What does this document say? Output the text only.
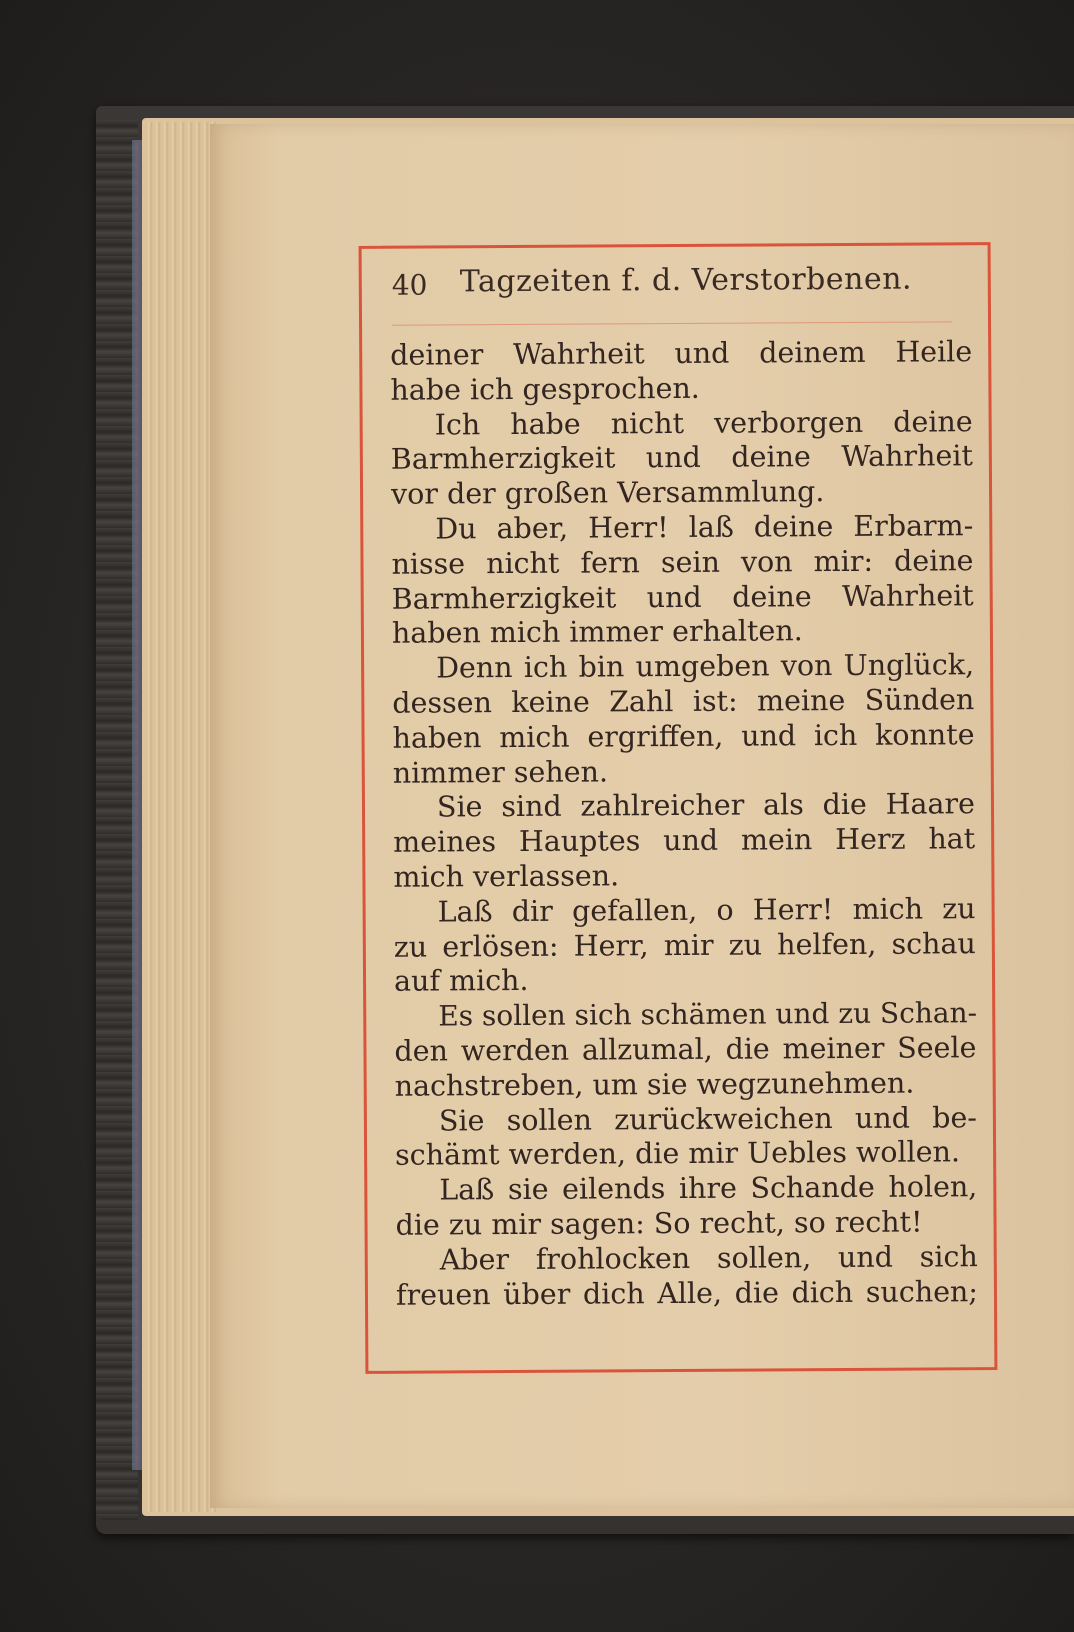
40 Tagzeiten f. d. Verstorbenen.
deiner Wahrheit und deinem Heile
habe ich gesprochen.
Ich habe nicht verborgen deine
Barmherzigkeit und deine Wahrheit
vor der großen Versammlung.
Du aber, Herr! laß deine Erbarm-
nisse nicht fern sein von mir: deine
Barmherzigkeit und deine Wahrheit
haben mich immer erhalten.
Denn ich bin umgeben von Unglück,
dessen keine Zahl ist: meine Sünden
haben mich ergriffen, und ich konnte
nimmer sehen.
Sie sind zahlreicher als die Haare
meines Hauptes und mein Herz hat
mich verlassen.
Laß dir gefallen, o Herr! mich zu
zu erlösen: Herr, mir zu helfen, schau
auf mich.
Es sollen sich schämen und zu Schan-
den werden allzumal, die meiner Seele
nachstreben, um sie wegzunehmen.
Sie sollen zurückweichen und be-
schämt werden, die mir Uebles wollen.
Laß sie eilends ihre Schande holen,
die zu mir sagen: So recht, so recht!
Aber frohlocken sollen, und sich
freuen über dich Alle, die dich suchen;
